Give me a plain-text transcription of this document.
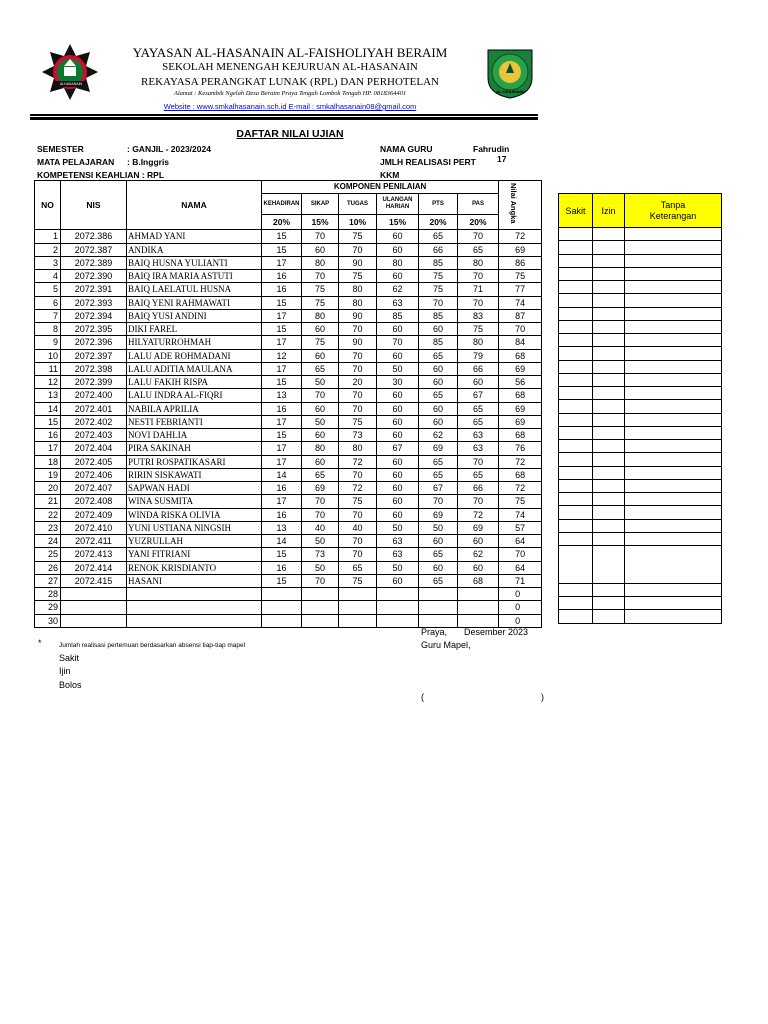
ALHASANAIN
AL-HASANAIN
YAYASAN AL-HASANAIN AL-FAISHOLIYAH BERAIM
SEKOLAH MENENGAH KEJURUAN AL-HASANAIN
REKAYASA PERANGKAT LUNAK (RPL) DAN PERHOTELAN
Alamat : Kesambik Ngelah Desa Beraim Praya Tengah Lombok Tengah HP. 0818364401
Website : www.smkalhasanain.sch.id E-mail : smkalhasanain08@gmail.com
DAFTAR NILAI UJIAN
SEMESTER	: GANJIL - 2023/2024
MATA PELAJARAN : B.Inggris
KOMPETENSI KEAHLIAN : RPL
NAMA GURU	Fahrudin
JMLH REALISASI PERT 17
KKM
NO	NIS	NAMA	KOMPONEN PENILAIAN						Nilai Angka

			KEHADIRAN	SIKAP	TUGAS	ULANGAN HARIAN	PTS	PAS	
			20%	15%	10%	15%	20%	20%	
1	2072.386	AHMAD YANI	15	70	75	60	65	70	72
2	2072.387	ANDIKA	15	60	70	60	66	65	69
3	2072.389	BAIQ HUSNA YULIANTI	17	80	90	80	85	80	86
4	2072.390	BAIQ IRA MARIA ASTUTI	16	70	75	60	75	70	75
5	2072.391	BAIQ LAELATUL HUSNA	16	75	80	62	75	71	77
6	2072.393	BAIQ YENI RAHMAWATI	15	75	80	63	70	70	74
7	2072.394	BAIQ YUSI ANDINI	17	80	90	85	85	83	87
8	2072.395	DIKI FAREL	15	60	70	60	60	75	70
9	2072.396	HILYATURROHMAH	17	75	90	70	85	80	84
10	2072.397	LALU ADE ROHMADANI	12	60	70	60	65	79	68
11	2072.398	LALU ADITIA MAULANA	17	65	70	50	60	66	69
12	2072.399	LALU FAKIH RISPA	15	50	20	30	60	60	56
13	2072.400	LALU INDRA AL-FIQRI	13	70	70	60	65	67	68
14	2072.401	NABILA APRILIA	16	60	70	60	60	65	69
15	2072.402	NESTI FEBRIANTI	17	50	75	60	60	65	69
16	2072.403	NOVI DAHLIA	15	60	73	60	62	63	68
17	2072.404	PIRA SAKINAH	17	80	80	67	69	63	76
18	2072.405	PUTRI ROSPATIKASARI	17	60	72	60	65	70	72
19	2072.406	RIRIN SISKAWATI	14	65	70	60	65	65	68
20	2072.407	SAPWAN HADI	16	69	72	60	67	66	72
21	2072.408	WINA SUSMITA	17	70	75	60	70	70	75
22	2072.409	WINDA RISKA OLIVIA	16	70	70	60	69	72	74
23	2072.410	YUNI USTIANA NINGSIH	13	40	40	50	50	69	57
24	2072.411	YUZRULLAH	14	50	70	63	60	60	64
25	2072.413	YANI FITRIANI	15	73	70	63	65	62	70
26	2072.414	RENOK KRISDIANTO	16	50	65	50	60	60	64
27	2072.415	HASANI	15	70	75	60	65	68	71
28									0
29									0
30									0
Sakit	Izin	Tanpa Keterangan

*	Jumlah realisasi pertemuan berdasarkan absensi tiap-tiap mapel
Sakit
Ijin
Bolos
Praya, Desember 2023
Guru Mapel,
(	)
